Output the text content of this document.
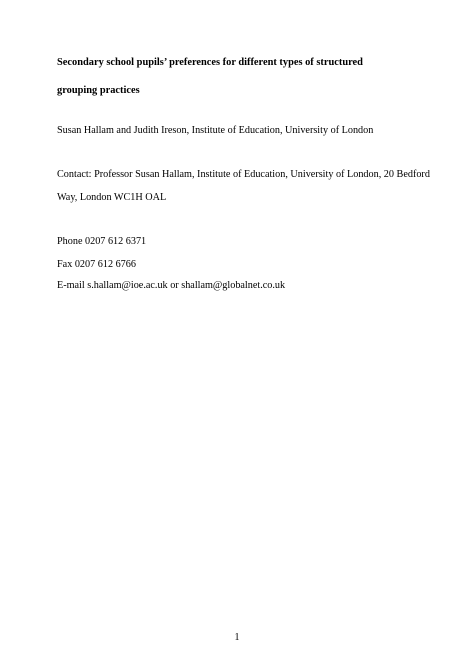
Secondary school pupils’ preferences for different types of structured
grouping practices
Susan Hallam and Judith Ireson, Institute of Education, University of London
Contact: Professor Susan Hallam, Institute of Education, University of London, 20 Bedford
Way, London WC1H OAL
Phone 0207 612 6371
Fax 0207 612 6766
E-mail s.hallam@ioe.ac.uk or shallam@globalnet.co.uk
1
